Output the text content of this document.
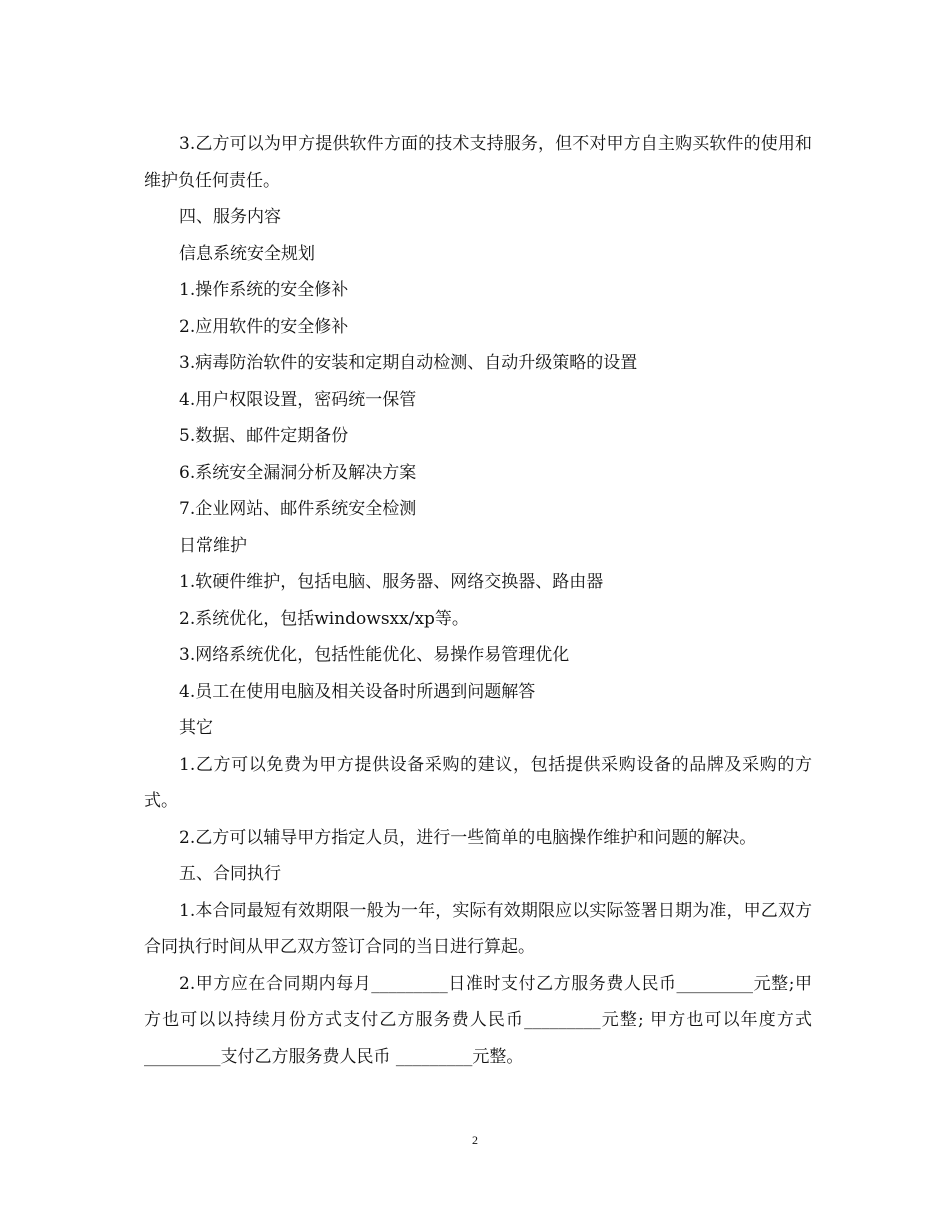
3.乙方可以为甲方提供软件方面的技术支持服务，但不对甲方自主购买软件的使用和维护负任何责任。

四、服务内容

信息系统安全规划

1.操作系统的安全修补

2.应用软件的安全修补

3.病毒防治软件的安装和定期自动检测、自动升级策略的设置

4.用户权限设置，密码统一保管

5.数据、邮件定期备份

6.系统安全漏洞分析及解决方案

7.企业网站、邮件系统安全检测

日常维护

1.软硬件维护，包括电脑、服务器、网络交换器、路由器

2.系统优化，包括windowsxx/xp等。

3.网络系统优化，包括性能优化、易操作易管理优化

4.员工在使用电脑及相关设备时所遇到问题解答

其它

1.乙方可以免费为甲方提供设备采购的建议，包括提供采购设备的品牌及采购的方式。

2.乙方可以辅导甲方指定人员，进行一些简单的电脑操作维护和问题的解决。

五、合同执行

1.本合同最短有效期限一般为一年，实际有效期限应以实际签署日期为准，甲乙双方合同执行时间从甲乙双方签订合同的当日进行算起。

2.甲方应在合同期内每月_________日准时支付乙方服务费人民币_________元整;甲方也可以以持续月份方式支付乙方服务费人民币_________元整; 甲方也可以年度方式_________支付乙方服务费人民币 _________元整。

2
